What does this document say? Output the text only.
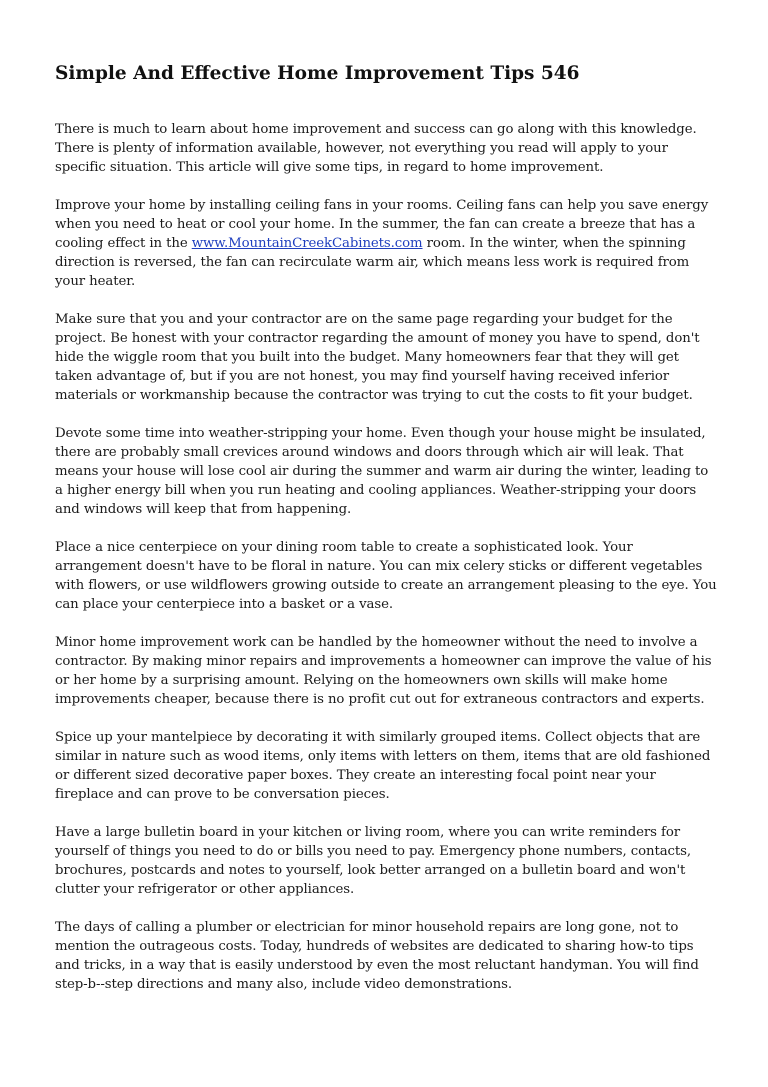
Simple And Effective Home Improvement Tips 546

There is much to learn about home improvement and success can go along with this knowledge. There is plenty of information available, however, not everything you read will apply to your specific situation. This article will give some tips, in regard to home improvement.

Improve your home by installing ceiling fans in your rooms. Ceiling fans can help you save energy when you need to heat or cool your home. In the summer, the fan can create a breeze that has a cooling effect in the www.MountainCreekCabinets.com room. In the winter, when the spinning direction is reversed, the fan can recirculate warm air, which means less work is required from your heater.

Make sure that you and your contractor are on the same page regarding your budget for the project. Be honest with your contractor regarding the amount of money you have to spend, don't hide the wiggle room that you built into the budget. Many homeowners fear that they will get taken advantage of, but if you are not honest, you may find yourself having received inferior materials or workmanship because the contractor was trying to cut the costs to fit your budget.

Devote some time into weather-stripping your home. Even though your house might be insulated, there are probably small crevices around windows and doors through which air will leak. That means your house will lose cool air during the summer and warm air during the winter, leading to a higher energy bill when you run heating and cooling appliances. Weather-stripping your doors and windows will keep that from happening.

Place a nice centerpiece on your dining room table to create a sophisticated look. Your arrangement doesn't have to be floral in nature. You can mix celery sticks or different vegetables with flowers, or use wildflowers growing outside to create an arrangement pleasing to the eye. You can place your centerpiece into a basket or a vase.

Minor home improvement work can be handled by the homeowner without the need to involve a contractor. By making minor repairs and improvements a homeowner can improve the value of his or her home by a surprising amount. Relying on the homeowners own skills will make home improvements cheaper, because there is no profit cut out for extraneous contractors and experts.

Spice up your mantelpiece by decorating it with similarly grouped items. Collect objects that are similar in nature such as wood items, only items with letters on them, items that are old fashioned or different sized decorative paper boxes. They create an interesting focal point near your fireplace and can prove to be conversation pieces.

Have a large bulletin board in your kitchen or living room, where you can write reminders for yourself of things you need to do or bills you need to pay. Emergency phone numbers, contacts, brochures, postcards and notes to yourself, look better arranged on a bulletin board and won't clutter your refrigerator or other appliances.

The days of calling a plumber or electrician for minor household repairs are long gone, not to mention the outrageous costs. Today, hundreds of websites are dedicated to sharing how-to tips and tricks, in a way that is easily understood by even the most reluctant handyman. You will find step-b--step directions and many also, include video demonstrations.
